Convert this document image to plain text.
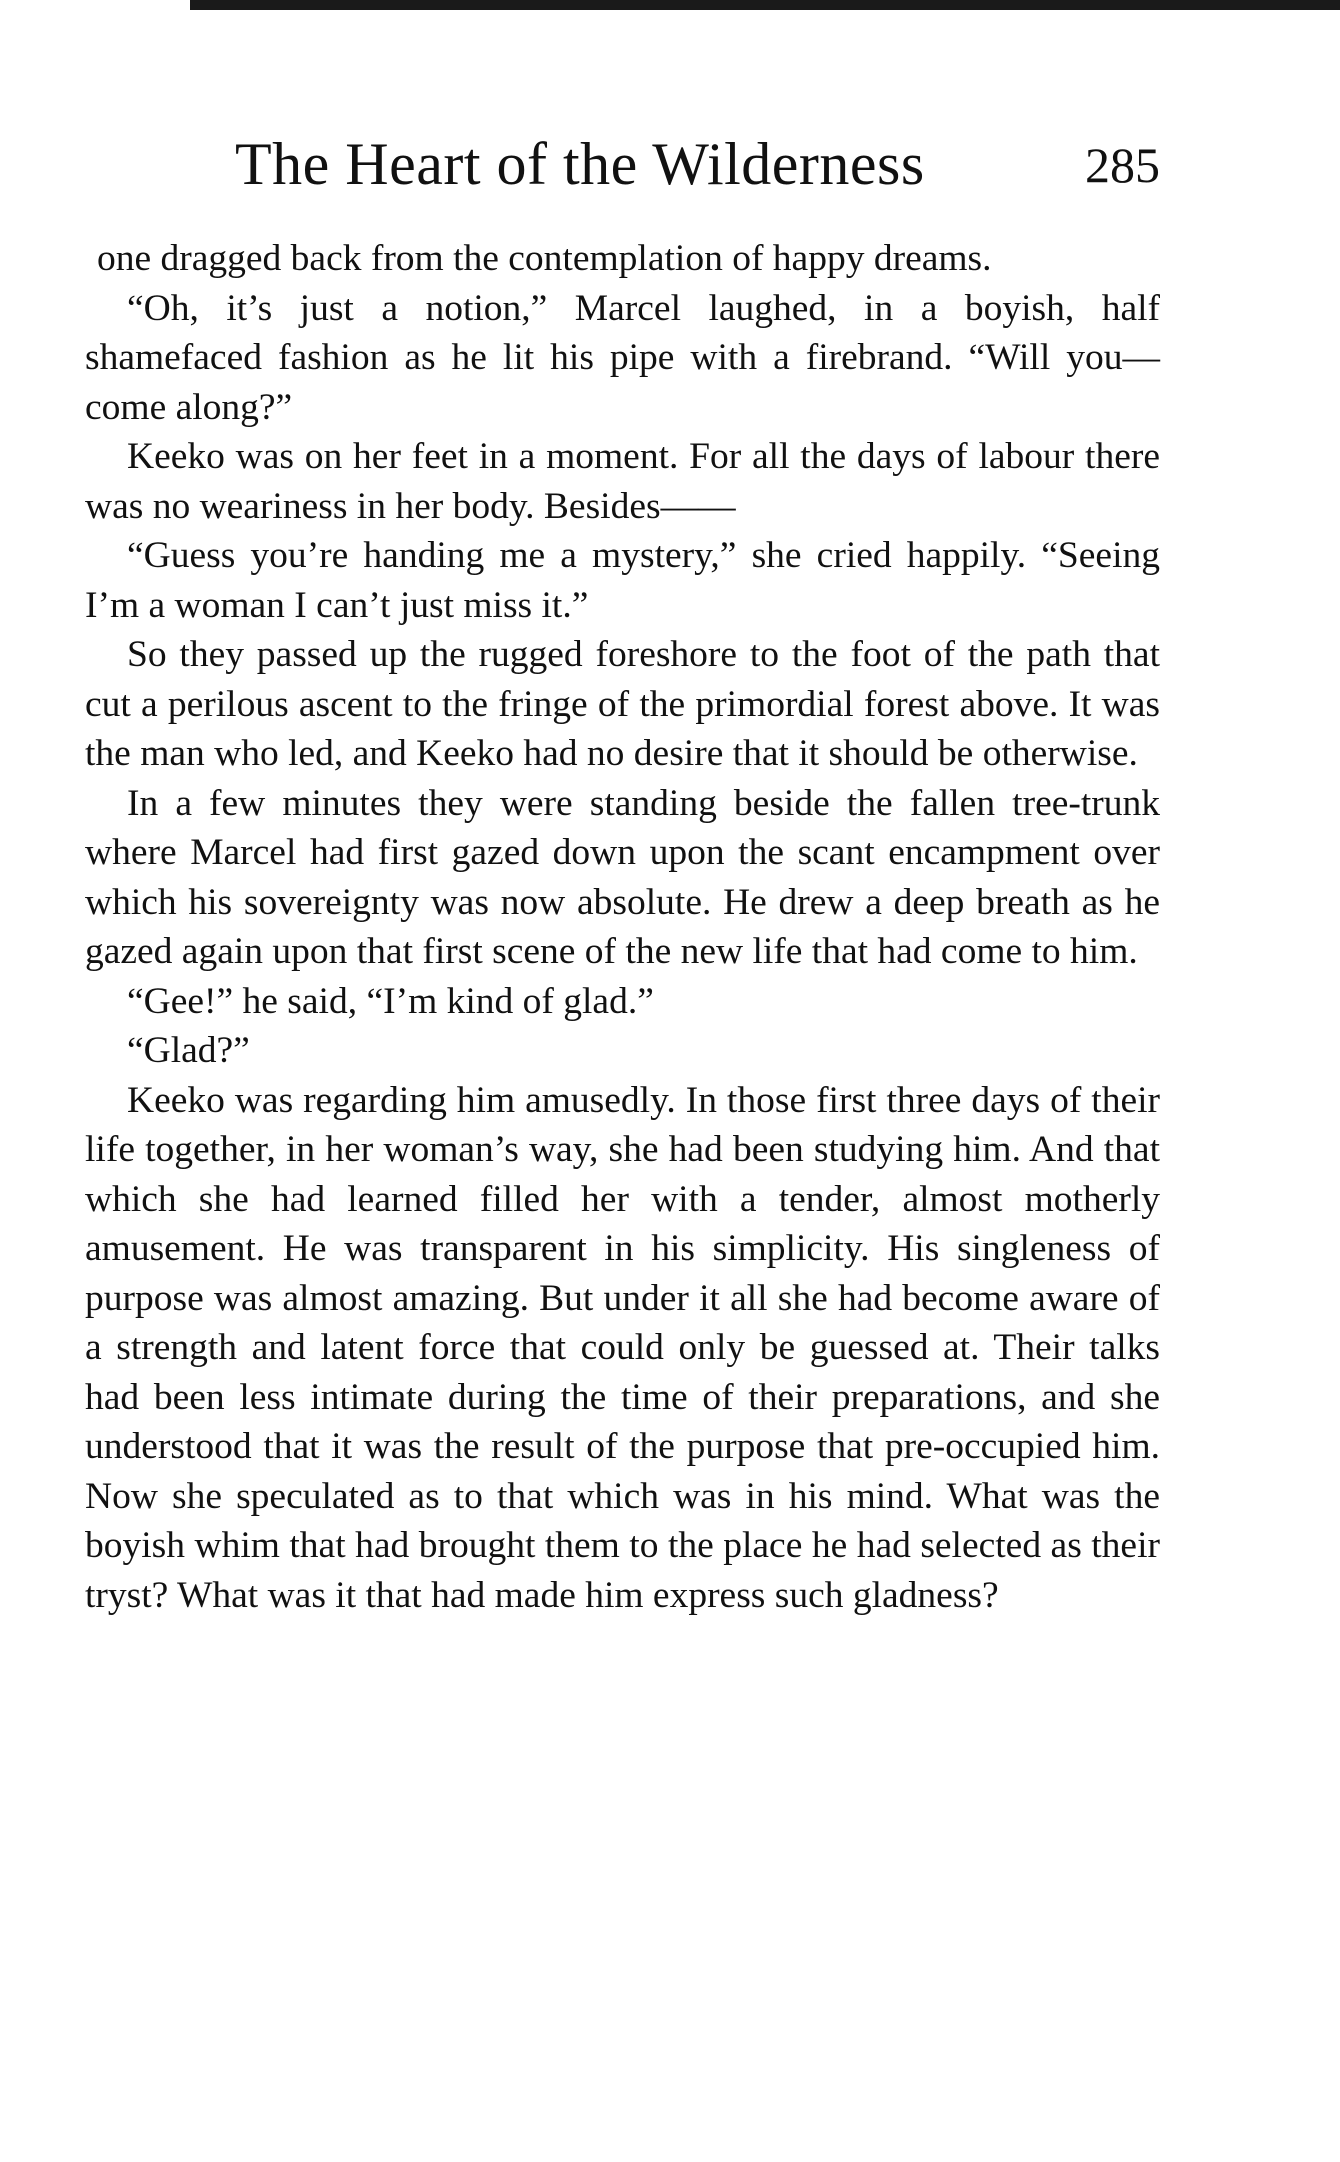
The Heart of the Wilderness	285

one dragged back from the contemplation of happy dreams.

“Oh, it’s just a notion,” Marcel laughed, in a boyish, half shamefaced fashion as he lit his pipe with a firebrand. “Will you—come along?”

Keeko was on her feet in a moment. For all the days of labour there was no weariness in her body. Besides——

“Guess you’re handing me a mystery,” she cried happily. “Seeing I’m a woman I can’t just miss it.”

So they passed up the rugged foreshore to the foot of the path that cut a perilous ascent to the fringe of the primordial forest above. It was the man who led, and Keeko had no desire that it should be otherwise.

In a few minutes they were standing beside the fallen tree-trunk where Marcel had first gazed down upon the scant encampment over which his sovereignty was now absolute. He drew a deep breath as he gazed again upon that first scene of the new life that had come to him.

“Gee!” he said, “I’m kind of glad.”

“Glad?”

Keeko was regarding him amusedly. In those first three days of their life together, in her woman’s way, she had been studying him. And that which she had learned filled her with a tender, almost motherly amusement. He was transparent in his simplicity. His singleness of purpose was almost amazing. But under it all she had become aware of a strength and latent force that could only be guessed at. Their talks had been less intimate during the time of their preparations, and she understood that it was the result of the purpose that pre-occupied him. Now she speculated as to that which was in his mind. What was the boyish whim that had brought them to the place he had selected as their tryst? What was it that had made him express such gladness?
